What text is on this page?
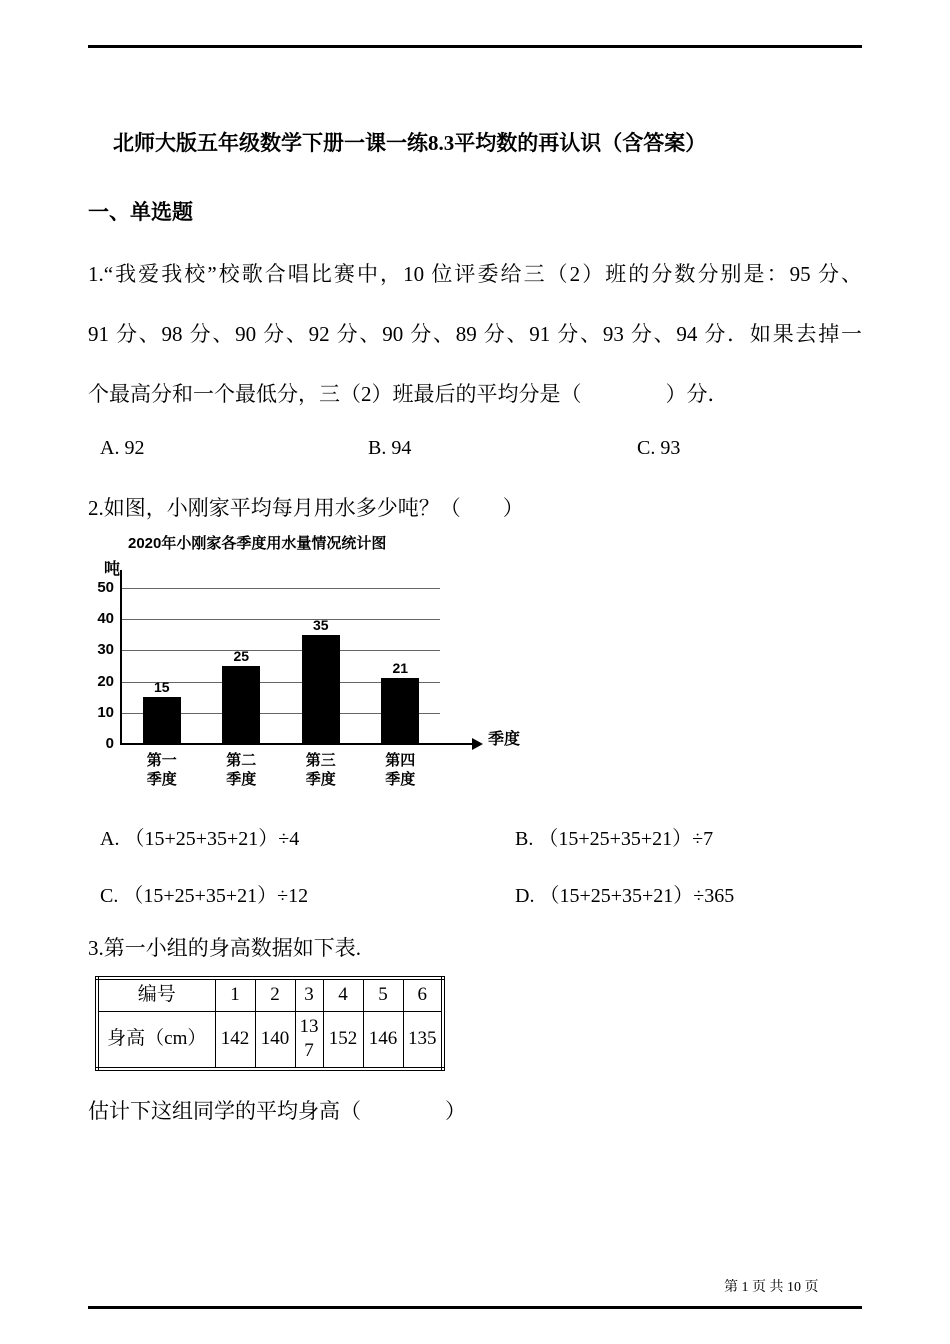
北师大版五年级数学下册一课一练8.3平均数的再认识（含答案）
一、单选题
1.“我爱我校”校歌合唱比赛中，10 位评委给三（2）班的分数分别是：95 分、
91 分、98 分、90 分、92 分、90 分、89 分、91 分、93 分、94 分．如果去掉一
个最高分和一个最低分，三（2）班最后的平均分是（　　　　）分．
A. 92	B. 94	C. 93
2.如图，小刚家平均每月用水多少吨？（　　）
2020年小刚家各季度用水量情况统计图
吨
0
10
20
30
40
50
15
第一季度
25
第二季度
35
第三季度
21
第四季度
季度
A. （15+25+35+21）÷4	B. （15+25+35+21）÷7
C. （15+25+35+21）÷12	D. （15+25+35+21）÷365
3.第一小组的身高数据如下表.
编号	1	2	3	4	5	6
身高（cm）	142	140	137	152	146	135
估计下这组同学的平均身高（　　　　）
第 1 页 共 10 页
